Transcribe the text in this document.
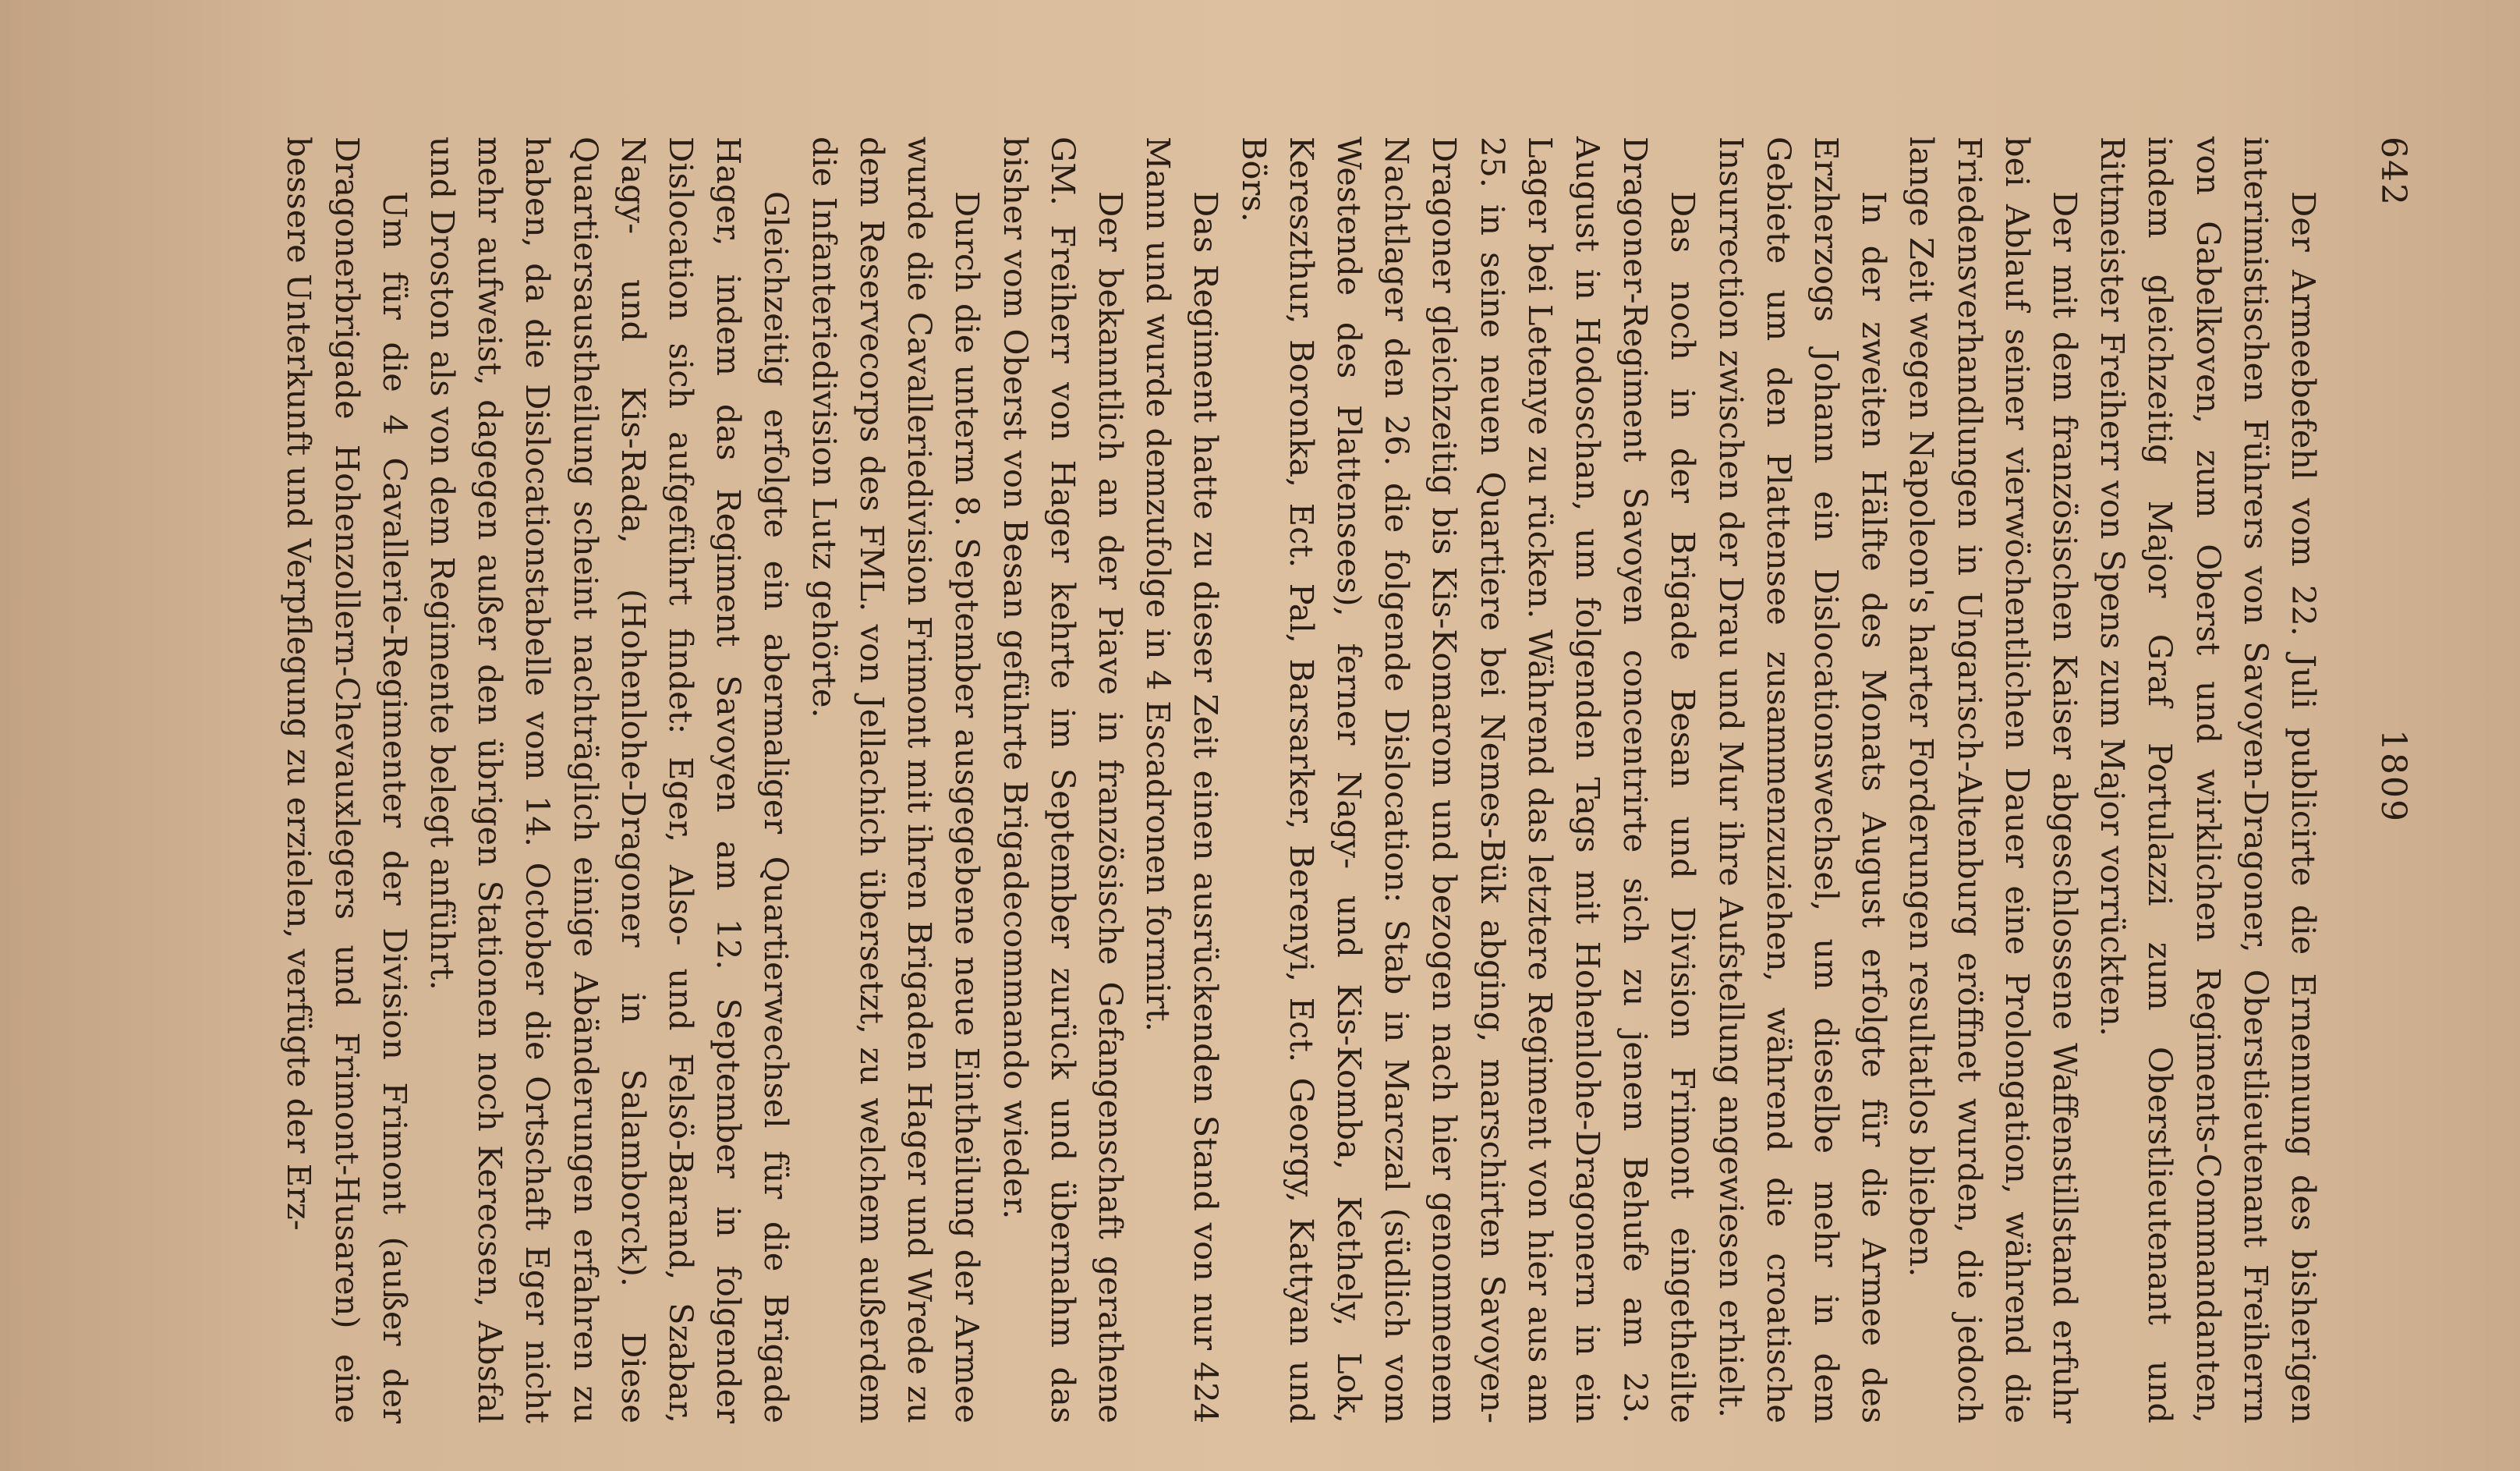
642
1809

Der Armeebefehl vom 22. Juli publicirte die Ernennung des bisherigen interimistischen Führers von Savoyen-Dragoner, Oberstlieutenant Freiherrn von Gabelkoven, zum Oberst und wirklichen Regiments-Commandanten, indem gleichzeitig Major Graf Portulazzi zum Oberstlieutenant und Rittmeister Freiherr von Spens zum Major vorrückten.

Der mit dem französischen Kaiser abgeschlossene Waffenstillstand erfuhr bei Ablauf seiner vierwöchentlichen Dauer eine Prolongation, während die Friedensverhandlungen in Ungarisch-Altenburg eröffnet wurden, die jedoch lange Zeit wegen Napoleon's harter Forderungen resultatlos blieben.

In der zweiten Hälfte des Monats August erfolgte für die Armee des Erzherzogs Johann ein Dislocationswechsel, um dieselbe mehr in dem Gebiete um den Plattensee zusammenzuziehen, während die croatische Insurrection zwischen der Drau und Mur ihre Aufstellung angewiesen erhielt.

Das noch in der Brigade Besan und Division Frimont eingetheilte Dragoner-Regiment Savoyen concentrirte sich zu jenem Behufe am 23. August in Hodoschan, um folgenden Tags mit Hohenlohe-Dragonern in ein Lager bei Letenye zu rücken. Während das letztere Regiment von hier aus am 25. in seine neuen Quartiere bei Nemes-Bük abging, marschirten Savoyen-Dragoner gleichzeitig bis Kis-Komarom und bezogen nach hier genommenem Nachtlager den 26. die folgende Dislocation: Stab in Marczal (südlich vom Westende des Plattensees), ferner Nagy- und Kis-Komba, Kethely, Lok, Kereszthur, Boronka, Ect. Pal, Barsarker, Berenyi, Ect. Georgy, Kattyan und Börs.

Das Regiment hatte zu dieser Zeit einen ausrückenden Stand von nur 424 Mann und wurde demzufolge in 4 Escadronen formirt.

Der bekanntlich an der Piave in französische Gefangenschaft gerathene GM. Freiherr von Hager kehrte im September zurück und übernahm das bisher vom Oberst von Besan geführte Brigadecommando wieder.

Durch die unterm 8. September ausgegebene neue Eintheilung der Armee wurde die Cavalleriedivision Frimont mit ihren Brigaden Hager und Wrede zu dem Reservecorps des FML. von Jellachich übersetzt, zu welchem außerdem die Infanteriedivision Lutz gehörte.

Gleichzeitig erfolgte ein abermaliger Quartierwechsel für die Brigade Hager, indem das Regiment Savoyen am 12. September in folgender Dislocation sich aufgeführt findet: Eger, Also- und Felsö-Barand, Szabar, Nagy- und Kis-Rada, (Hohenlohe-Dragoner in Salamborck). Diese Quartiersaustheilung scheint nachträglich einige Abänderungen erfahren zu haben, da die Dislocationstabelle vom 14. October die Ortschaft Eger nicht mehr aufweist, dagegen außer den übrigen Stationen noch Kerecsen, Absfal und Droston als von dem Regimente belegt anführt.

Um für die 4 Cavallerie-Regimenter der Division Frimont (außer der Dragonerbrigade Hohenzollern-Chevauxlegers und Frimont-Husaren) eine bessere Unterkunft und Verpflegung zu erzielen, verfügte der Erz-
